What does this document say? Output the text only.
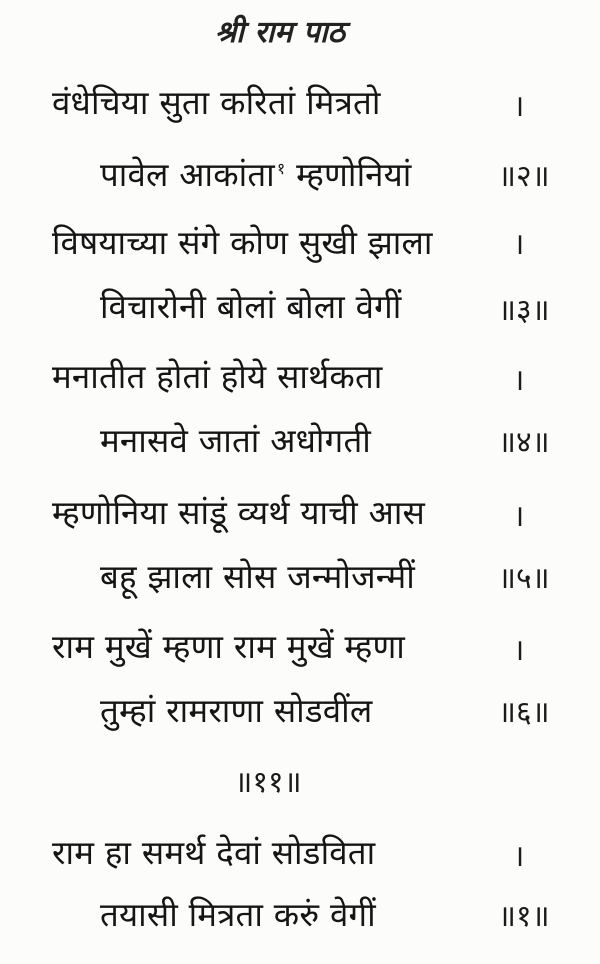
श्री राम पाठ
वंधेचिया सुता करितां मित्रतो	।
पावेल आकांता $^१$ म्हणोनियां	॥२॥
विषयाच्या संगे कोण सुखी झाला	।
विचारोनी बोलां बोला वेगीं	॥३॥
मनातीत होतां होये सार्थकता	।
मनासवे जातां अधोगती	॥४॥
म्हणोनिया सांडूं व्यर्थ याची आस	।
बहू झाला सोस जन्मोजन्मीं	॥५॥
राम मुखें म्हणा राम मुखें म्हणा	।
तुम्हां रामराणा सोडवींल	॥६॥
॥११॥
राम हा समर्थ देवां सोडविता	।
तयासी मित्रता करुं वेगीं	॥१॥
